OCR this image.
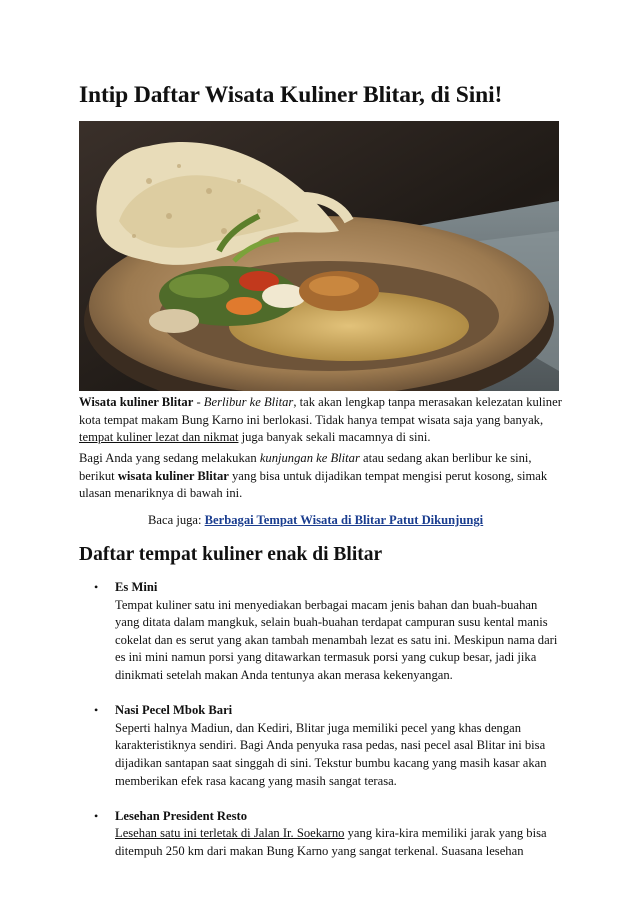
Intip Daftar Wisata Kuliner Blitar, di Sini!

Wisata kuliner Blitar - Berlibur ke Blitar, tak akan lengkap tanpa merasakan kelezatan kuliner kota tempat makam Bung Karno ini berlokasi. Tidak hanya tempat wisata saja yang banyak, tempat kuliner lezat dan nikmat juga banyak sekali macamnya di sini.

Bagi Anda yang sedang melakukan kunjungan ke Blitar atau sedang akan berlibur ke sini, berikut wisata kuliner Blitar yang bisa untuk dijadikan tempat mengisi perut kosong, simak ulasan menariknya di bawah ini.

Baca juga: Berbagai Tempat Wisata di Blitar Patut Dikunjungi
Daftar tempat kuliner enak di Blitar
• Es Mini
Tempat kuliner satu ini menyediakan berbagai macam jenis bahan dan buah-buahan yang ditata dalam mangkuk, selain buah-buahan terdapat campuran susu kental manis cokelat dan es serut yang akan tambah menambah lezat es satu ini. Meskipun nama dari es ini mini namun porsi yang ditawarkan termasuk porsi yang cukup besar, jadi jika dinikmati setelah makan Anda tentunya akan merasa kekenyangan.
• Nasi Pecel Mbok Bari
Seperti halnya Madiun, dan Kediri, Blitar juga memiliki pecel yang khas dengan karakteristiknya sendiri. Bagi Anda penyuka rasa pedas, nasi pecel asal Blitar ini bisa dijadikan santapan saat singgah di sini. Tekstur bumbu kacang yang masih kasar akan memberikan efek rasa kacang yang masih sangat terasa.
• Lesehan President Resto
Lesehan satu ini terletak di Jalan Ir. Soekarno yang kira-kira memiliki jarak yang bisa ditempuh 250 km dari makan Bung Karno yang sangat terkenal. Suasana lesehan
